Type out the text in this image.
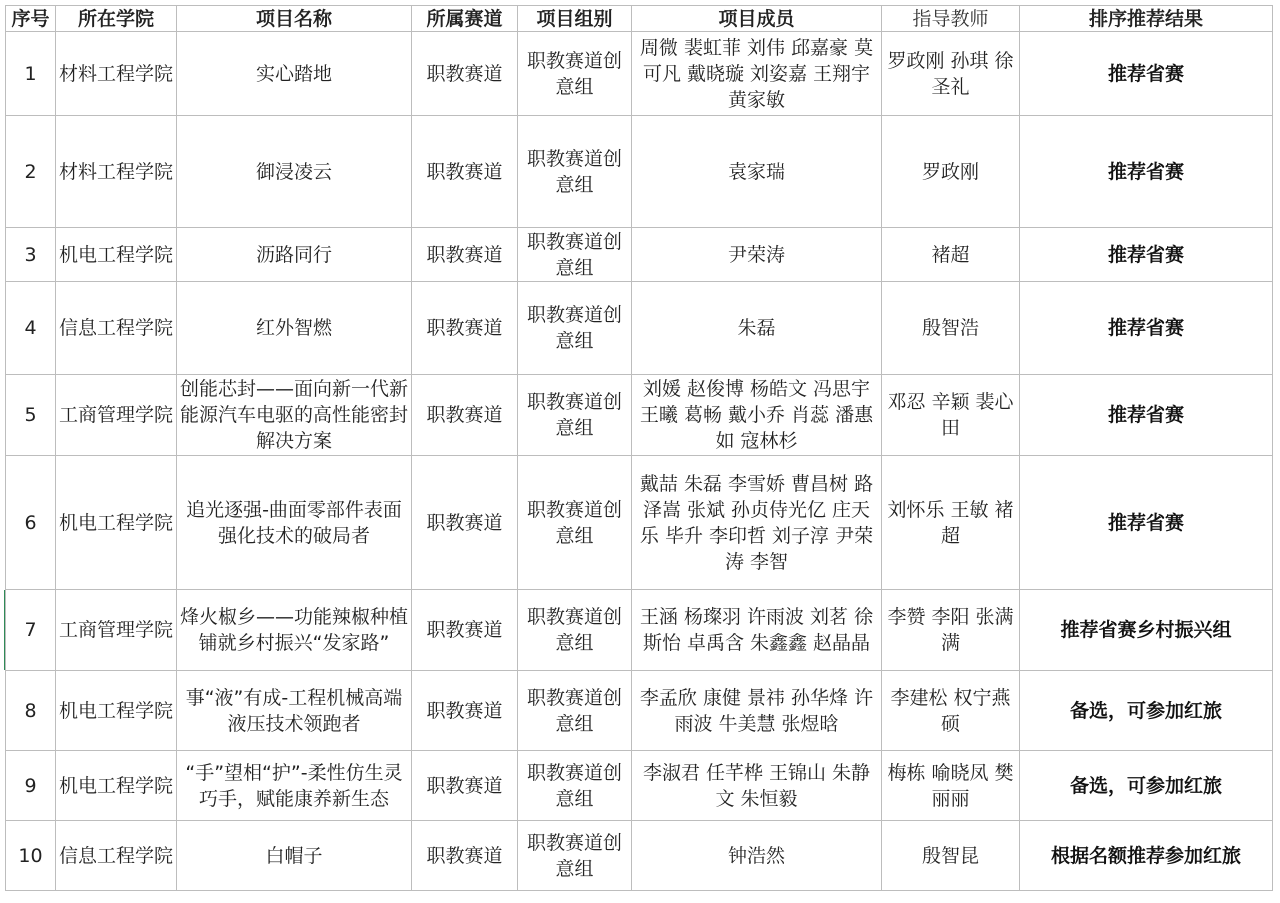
序号	所在学院	项目名称	所属赛道	项目组别	项目成员	指导教师	排序推荐结果
1	材料工程学院	实心踏地	职教赛道	职教赛道创意组	周微 裴虹菲 刘伟 邱嘉豪 莫可凡 戴晓璇 刘姿嘉 王翔宇 黄家敏	罗政刚 孙琪 徐圣礼	推荐省赛
2	材料工程学院	御浸凌云	职教赛道	职教赛道创意组	袁家瑞	罗政刚	推荐省赛
3	机电工程学院	沥路同行	职教赛道	职教赛道创意组	尹荣涛	褚超	推荐省赛
4	信息工程学院	红外智燃	职教赛道	职教赛道创意组	朱磊	殷智浩	推荐省赛
5	工商管理学院	创能芯封——面向新一代新能源汽车电驱的高性能密封解决方案	职教赛道	职教赛道创意组	刘媛 赵俊博 杨皓文 冯思宇 王曦 葛畅 戴小乔 肖蕊 潘惠如 寇林杉	邓忍 辛颖 裴心田	推荐省赛
6	机电工程学院	追光逐强-曲面零部件表面强化技术的破局者	职教赛道	职教赛道创意组	戴喆 朱磊 李雪娇 曹昌树 路泽嵩 张斌 孙贞侍光亿 庄天乐 毕升 李印哲 刘子淳 尹荣涛 李智	刘怀乐 王敏 褚超	推荐省赛
7	工商管理学院	烽火椒乡——功能辣椒种植铺就乡村振兴“发家路”	职教赛道	职教赛道创意组	王涵 杨璨羽 许雨波 刘茗 徐斯怡 卓禹含 朱鑫鑫 赵晶晶	李赞 李阳 张满满	推荐省赛乡村振兴组
8	机电工程学院	事“液”有成-工程机械高端液压技术领跑者	职教赛道	职教赛道创意组	李孟欣 康健 景祎 孙华烽 许雨波 牛美慧 张煜晗	李建松 权宁燕硕	备选，可参加红旅
9	机电工程学院	“手”望相“护”-柔性仿生灵巧手，赋能康养新生态	职教赛道	职教赛道创意组	李淑君 任芊桦 王锦山 朱静文 朱恒毅	梅栋 喻晓凤 樊丽丽	备选，可参加红旅
10	信息工程学院	白帽子	职教赛道	职教赛道创意组	钟浩然	殷智昆	根据名额推荐参加红旅
